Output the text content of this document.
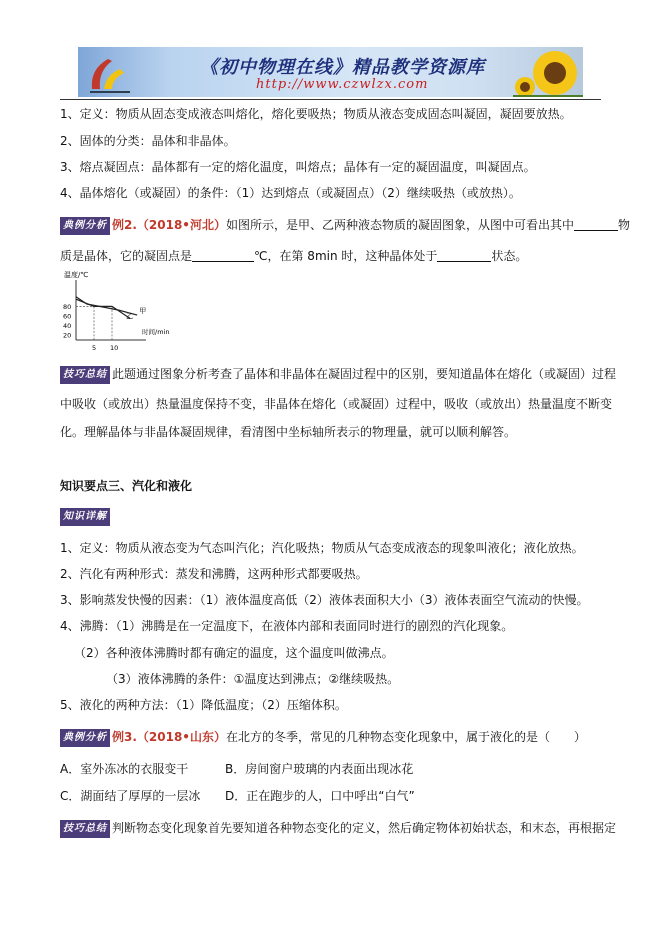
《初中物理在线》精品教学资源库
http://www.czwlzx.com
1、定义：物质从固态变成液态叫熔化，熔化要吸热；物质从液态变成固态叫凝固，凝固要放热。
2、固体的分类：晶体和非晶体。
3、熔点凝固点：晶体都有一定的熔化温度，叫熔点；晶体有一定的凝固温度，叫凝固点。
4、晶体熔化（或凝固）的条件：（1）达到熔点（或凝固点）（2）继续吸热（或放热）。
典例分析 例2.（2018•河北）如图所示，是甲、乙两种液态物质的凝固图象，从图中可看出其中	物
质是晶体，它的凝固点是	℃，在第 8min 时，这种晶体处于	状态。
温度/℃
时间/min
80
60
40
20
5 10
甲
乙
技巧总结 此题通过图象分析考查了晶体和非晶体在凝固过程中的区别，要知道晶体在熔化（或凝固）过程
中吸收（或放出）热量温度保持不变，非晶体在熔化（或凝固）过程中，吸收（或放出）热量温度不断变
化。理解晶体与非晶体凝固规律，看清图中坐标轴所表示的物理量，就可以顺利解答。
知识要点三、汽化和液化
知识详解
1、定义：物质从液态变为气态叫汽化；汽化吸热；物质从气态变成液态的现象叫液化；液化放热。
2、汽化有两种形式：蒸发和沸腾，这两种形式都要吸热。
3、影响蒸发快慢的因素：（1）液体温度高低（2）液体表面积大小（3）液体表面空气流动的快慢。
4、沸腾：（1）沸腾是在一定温度下，在液体内部和表面同时进行的剧烈的汽化现象。
（2）各种液体沸腾时都有确定的温度，这个温度叫做沸点。
（3）液体沸腾的条件：①温度达到沸点；②继续吸热。
5、液化的两种方法：（1）降低温度；（2）压缩体积。
典例分析 例3.（2018•山东）在北方的冬季，常见的几种物态变化现象中，属于液化的是（　　）
A．室外冻冰的衣服变干	B．房间窗户玻璃的内表面出现冰花
C．湖面结了厚厚的一层冰 D．正在跑步的人，口中呼出“白气”
技巧总结 判断物态变化现象首先要知道各种物态变化的定义，然后确定物体初始状态，和末态，再根据定
